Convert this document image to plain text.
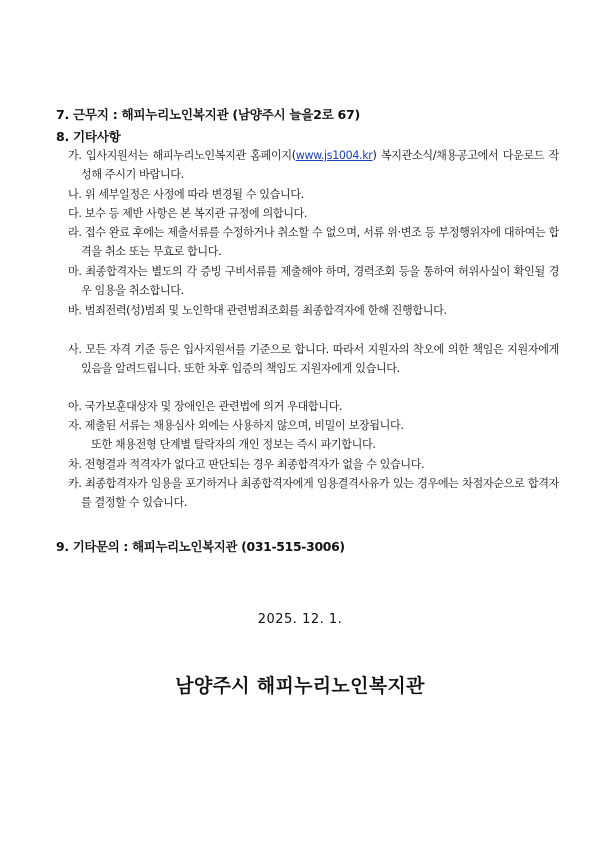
7. 근무지 : 해피누리노인복지관 (남양주시 늘을2로 67)
8. 기타사항
가. 입사지원서는 해피누리노인복지관 홈페이지(www.js1004.kr) 복지관소식/채용공고에서 다운로드 작성해 주시기 바랍니다.
나. 위 세부일정은 사정에 따라 변경될 수 있습니다.
다. 보수 등 제반 사항은 본 복지관 규정에 의합니다.
라. 접수 완료 후에는 제출서류를 수정하거나 취소할 수 없으며, 서류 위·변조 등 부정행위자에 대하여는 합격을 취소 또는 무효로 합니다.
마. 최종합격자는 별도의 각 증빙 구비서류를 제출해야 하며, 경력조회 등을 통하여 허위사실이 확인될 경우 임용을 취소합니다.
바. 범죄전력(성)범죄 및 노인학대 관련범죄조회를 최종합격자에 한해 진행합니다.
사. 모든 자격 기준 등은 입사지원서를 기준으로 합니다. 따라서 지원자의 착오에 의한 책임은 지원자에게 있음을 알려드립니다. 또한 차후 입증의 책임도 지원자에게 있습니다.
아. 국가보훈대상자 및 장애인은 관련법에 의거 우대합니다.
자. 제출된 서류는 채용심사 외에는 사용하지 않으며, 비밀이 보장됩니다.
또한 채용전형 단계별 탈락자의 개인 정보는 즉시 파기합니다.
차. 전형결과 적격자가 없다고 판단되는 경우 최종합격자가 없을 수 있습니다.
카. 최종합격자가 임용을 포기하거나 최종합격자에게 임용결격사유가 있는 경우에는 차점자순으로 합격자를 결정할 수 있습니다.
9. 기타문의 : 해피누리노인복지관 (031-515-3006)
2025. 12. 1.
남양주시 해피누리노인복지관
